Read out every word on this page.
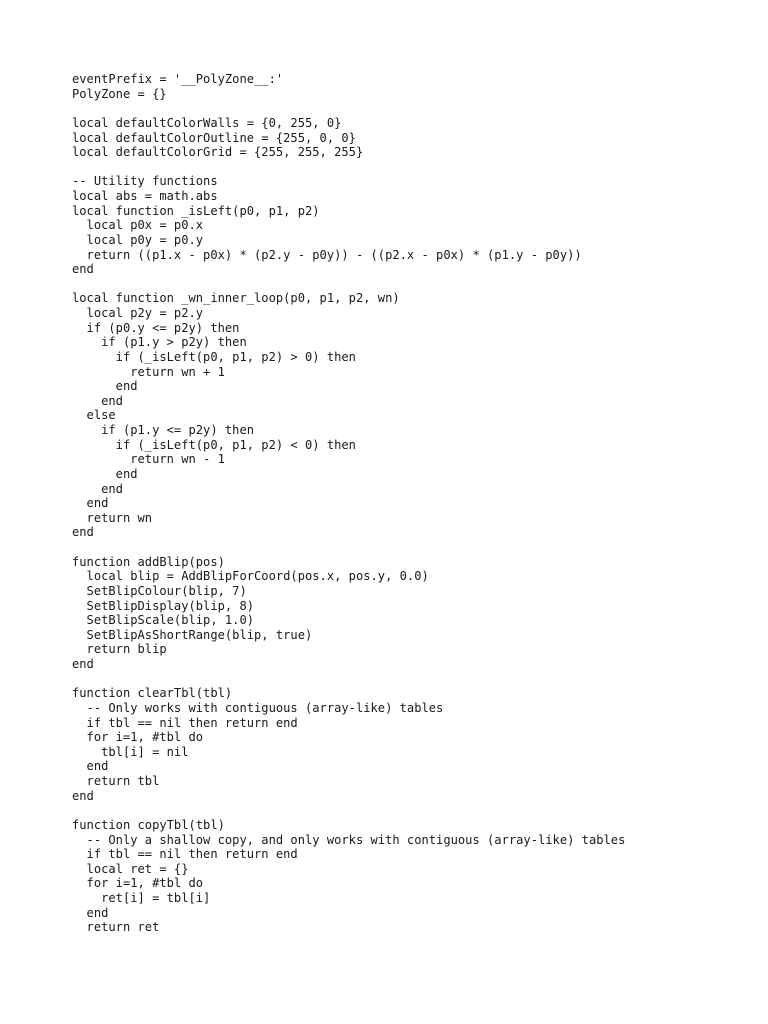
eventPrefix = '__PolyZone__:'
PolyZone = {}
local defaultColorWalls = {0, 255, 0}
local defaultColorOutline = {255, 0, 0}
local defaultColorGrid = {255, 255, 255}
-- Utility functions
local abs = math.abs
local function _isLeft(p0, p1, p2)
local p0x = p0.x
local p0y = p0.y
return ((p1.x - p0x) * (p2.y - p0y)) - ((p2.x - p0x) * (p1.y - p0y))
end
local function _wn_inner_loop(p0, p1, p2, wn)
local p2y = p2.y
if (p0.y <= p2y) then
if (p1.y > p2y) then
if (_isLeft(p0, p1, p2) > 0) then
return wn + 1
end
end
else
if (p1.y <= p2y) then
if (_isLeft(p0, p1, p2) < 0) then
return wn - 1
end
end
end
return wn
end
function addBlip(pos)
local blip = AddBlipForCoord(pos.x, pos.y, 0.0)
SetBlipColour(blip, 7)
SetBlipDisplay(blip, 8)
SetBlipScale(blip, 1.0)
SetBlipAsShortRange(blip, true)
return blip
end
function clearTbl(tbl)
-- Only works with contiguous (array-like) tables
if tbl == nil then return end
for i=1, #tbl do
tbl[i] = nil
end
return tbl
end
function copyTbl(tbl)
-- Only a shallow copy, and only works with contiguous (array-like) tables
if tbl == nil then return end
local ret = {}
for i=1, #tbl do
ret[i] = tbl[i]
end
return ret
